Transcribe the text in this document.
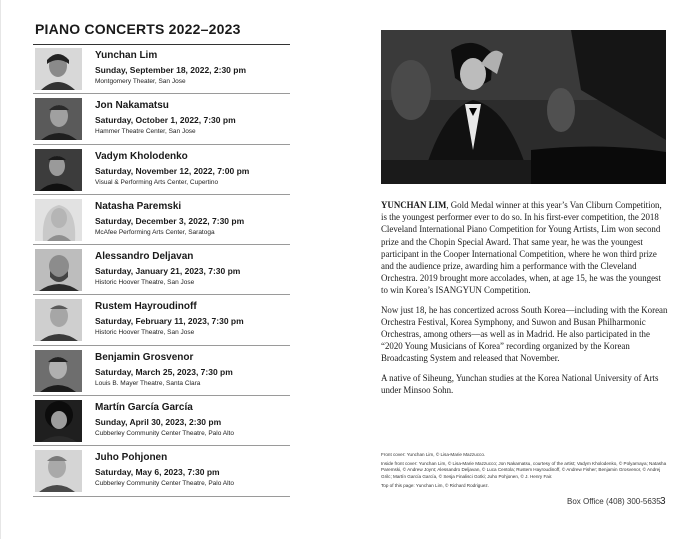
PIANO CONCERTS 2022–2023
Yunchan Lim
Sunday, September 18, 2022, 2:30 pm
Montgomery Theater, San Jose
Jon Nakamatsu
Saturday, October 1, 2022, 7:30 pm
Hammer Theatre Center, San Jose
Vadym Kholodenko
Saturday, November 12, 2022, 7:00 pm
Visual & Performing Arts Center, Cupertino
Natasha Paremski
Saturday, December 3, 2022, 7:30 pm
McAfee Performing Arts Center, Saratoga
Alessandro Deljavan
Saturday, January 21, 2023, 7:30 pm
Historic Hoover Theatre, San Jose
Rustem Hayroudinoff
Saturday, February 11, 2023, 7:30 pm
Historic Hoover Theatre, San Jose
Benjamin Grosvenor
Saturday, March 25, 2023, 7:30 pm
Louis B. Mayer Theatre, Santa Clara
Martín García García
Sunday, April 30, 2023, 2:30 pm
Cubberley Community Center Theatre, Palo Alto
Juho Pohjonen
Saturday, May 6, 2023, 7:30 pm
Cubberley Community Center Theatre, Palo Alto

YUNCHAN LIM, Gold Medal winner at this year’s Van Cliburn Competition, is the youngest performer ever to do so. In his first-ever competition, the 2018 Cleveland International Piano Competition for Young Artists, Lim won second prize and the Chopin Special Award. That same year, he was the youngest participant in the Cooper International Competition, where he won third prize and the audience prize, awarding him a performance with the Cleveland Orchestra. 2019 brought more accolades, when, at age 15, he was the youngest to win Korea’s ISANGYUN Competition.

Now just 18, he has concertized across South Korea—including with the Korean Orchestra Festival, Korea Symphony, and Suwon and Busan Philharmonic Orchestras, among others—as well as in Madrid. He also participated in the “2020 Young Musicians of Korea” recording organized by the Korean Broadcasting System and released that November.

A native of Siheung, Yunchan studies at the Korea National University of Arts under Minsoo Sohn.

Front cover: Yunchan Lim, © Lisa-Marie Mazzucco.

Inside front cover: Yunchan Lim, © Lisa-Marie Mazzucco; Jon Nakamatsu, courtesy of the artist; Vadym Kholodenko, © Polyarnaya; Natasha Paremski, © Andrew Joynt; Alessandro Deljavan, © Luca Centola; Rustem Hayroudinoff, © Andrew Fisher; Benjamin Grosvenor, © Andrej Grilc; Martín García García, © Sesja Finalisci Gotki; Juho Pohjonen, © J. Henry Fair.

Top of this page: Yunchan Lim, © Richard Rodriguez.

Box Office (408) 300-5635 3
